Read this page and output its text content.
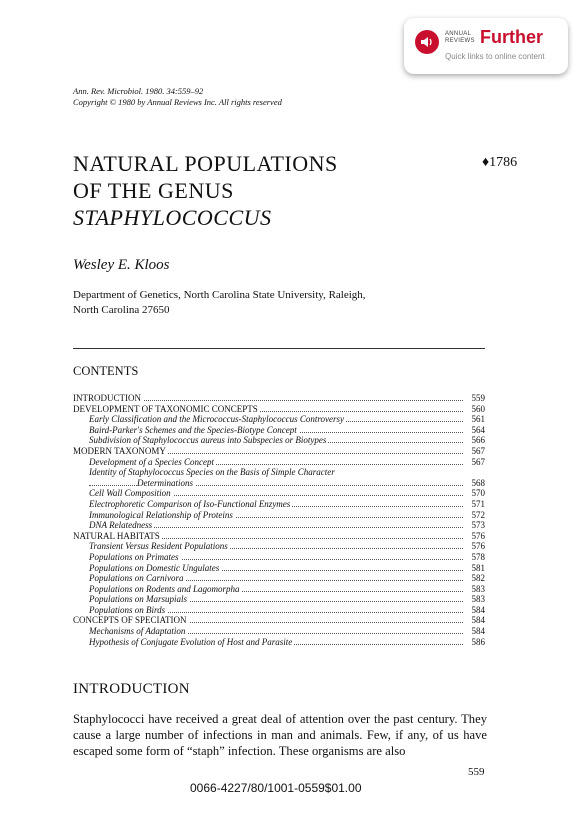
ANNUAL
REVIEWS Further
Quick links to online content
Ann. Rev. Microbiol. 1980. 34:559–92
Copyright © 1980 by Annual Reviews Inc. All rights reserved
NATURAL POPULATIONS
OF THE GENUS
STAPHYLOCOCCUS
♦1786
Wesley E. Kloos
Department of Genetics, North Carolina State University, Raleigh,
North Carolina 27650
CONTENTS
INTRODUCTION	559
DEVELOPMENT OF TAXONOMIC CONCEPTS	560
Early Classification and the Micrococcus-Staphylococcus Controversy	561
Baird-Parker's Schemes and the Species-Biotype Concept	564
Subdivision of Staphylococcus aureus into Subspecies or Biotypes	566
MODERN TAXONOMY	567
Development of a Species Concept	567
Identity of Staphylococcus Species on the Basis of Simple Character
Determinations	568
Cell Wall Composition	570
Electrophoretic Comparison of Iso-Functional Enzymes	571
Immunological Relationship of Proteins	572
DNA Relatedness	573
NATURAL HABITATS	576
Transient Versus Resident Populations	576
Populations on Primates	578
Populations on Domestic Ungulates	581
Populations on Carnivora	582
Populations on Rodents and Lagomorpha	583
Populations on Marsupials	583
Populations on Birds	584
CONCEPTS OF SPECIATION	584
Mechanisms of Adaptation	584
Hypothesis of Conjugate Evolution of Host and Parasite	586
INTRODUCTION
Staphylococci have received a great deal of attention over the past century. They cause a large number of infections in man and animals. Few, if any, of us have escaped some form of “staph” infection. These organisms are also
559
0066-4227/80/1001-0559$01.00
